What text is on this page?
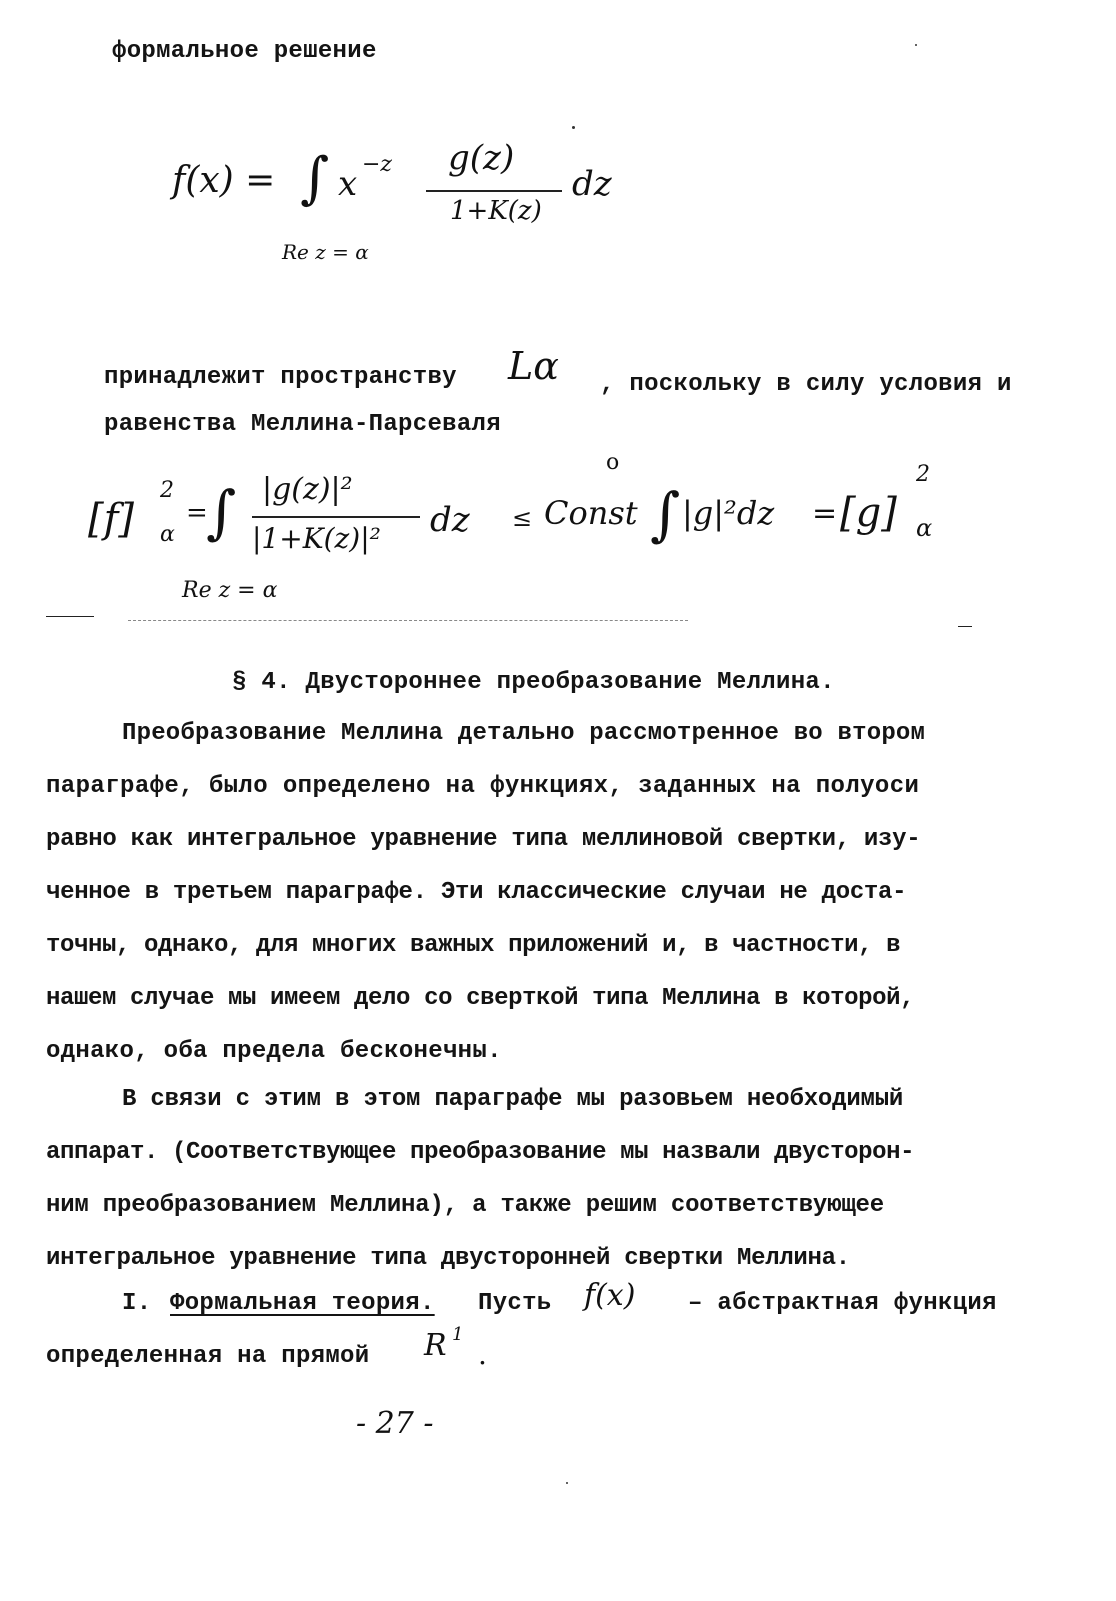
формальное решение
f(x) = ∫ x −z g(z)
1+K(z)
dz
Re z = α
принадлежит пространству Lα , поскольку в силу условия и
равенства Меллина-Парсеваля
[f]
2
α
=
∫ |g(z)|²
|1+K(z)|² dz ≤ Const
o
∫ |g|²dz = [g]
2
α
Re z = α
§ 4. Двустороннее преобразование Меллина.
Преобразование Меллина детально рассмотренное во втором
параграфе, было определено на функциях, заданных на полуоси
равно как интегральное уравнение типа меллиновой свертки, изу-
ченное в третьем параграфе. Эти классические случаи не доста-
точны, однако, для многих важных приложений и, в частности, в
нашем случае мы имеем дело со сверткой типа Меллина в которой,
однако, оба предела бесконечны.
В связи с этим в этом параграфе мы разовьем необходимый
аппарат. (Соответствующее преобразование мы назвали двусторон-
ним преобразованием Меллина), а также решим соответствующее
интегральное уравнение типа двусторонней свертки Меллина.
I. Формальная теория. Пусть f(x) – абстрактная функция
определенная на прямой R 1
.
- 27 -
